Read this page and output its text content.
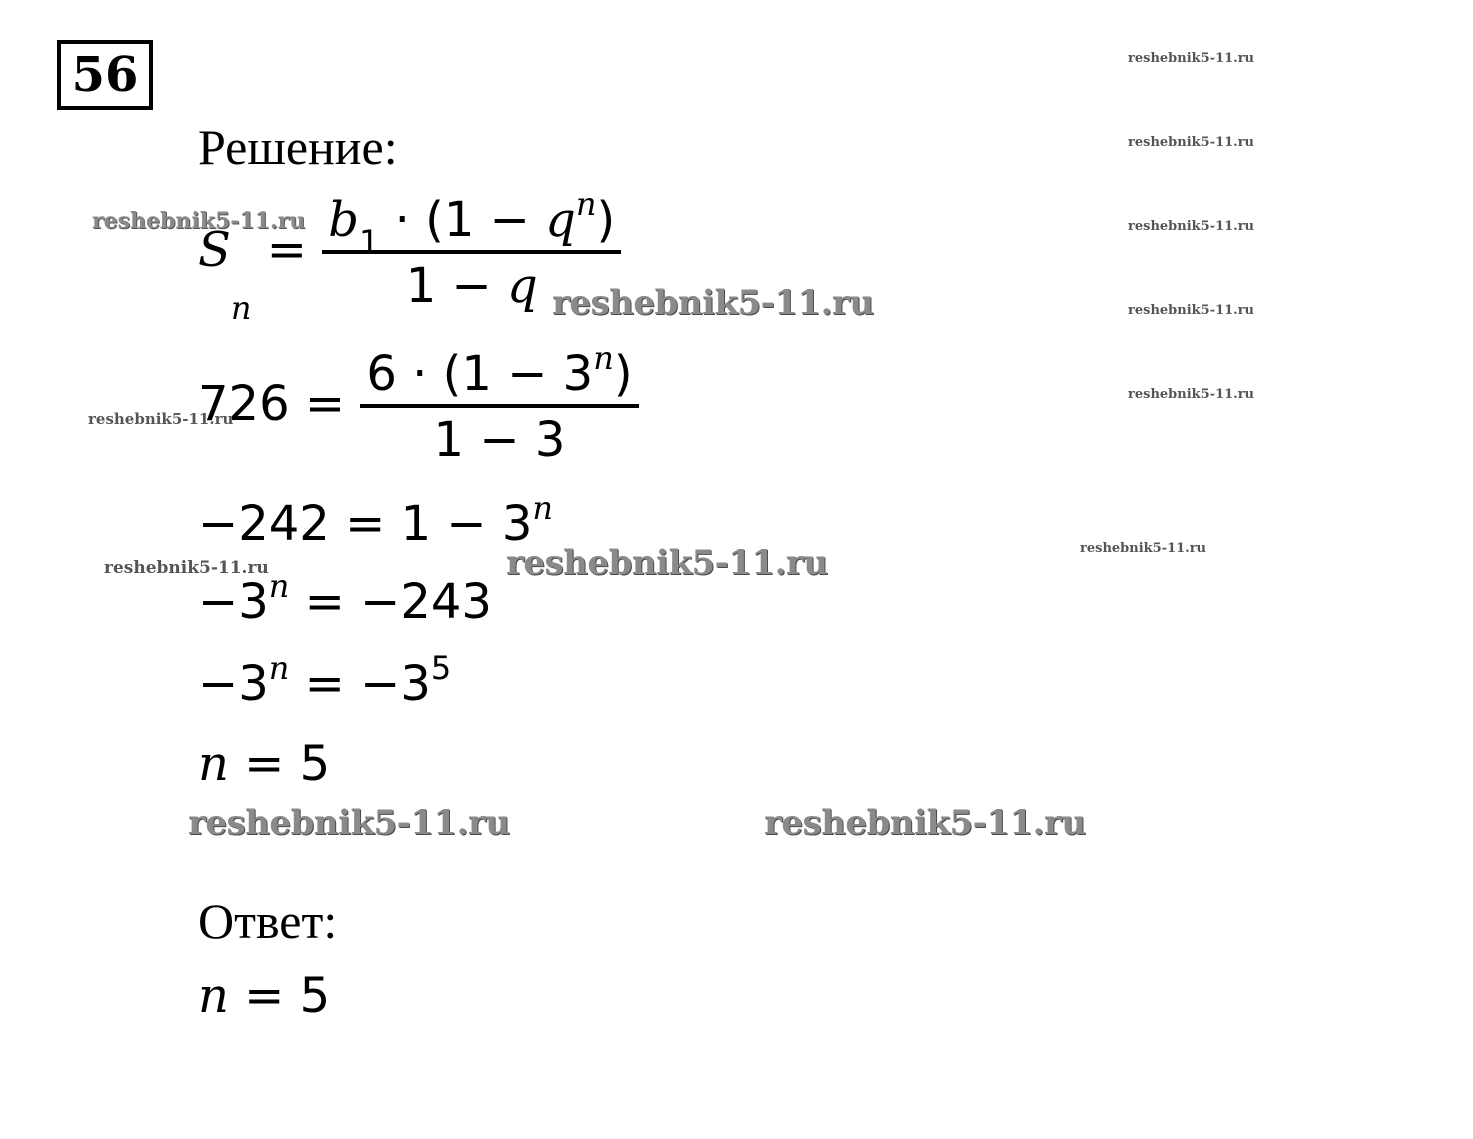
56
Решение:
$S_n = \frac{b_1 \cdot (1 - q^n)}{1 - q}$
$726 = \frac{6 \cdot (1 - 3^n)}{1 - 3}$
$-242 = 1 - 3^n$
$-3^n = -243$
$-3^n = -3^5$
n = 5
Ответ:
n = 5
reshebnik5-11.ru
reshebnik5-11.ru
reshebnik5-11.ru
reshebnik5-11.ru
reshebnik5-11.ru
reshebnik5-11.ru
reshebnik5-11.ru
reshebnik5-11.ru
reshebnik5-11.ru
reshebnik5-11.ru
reshebnik5-11.ru
reshebnik5-11.ru	reshebnik5-11.ru
